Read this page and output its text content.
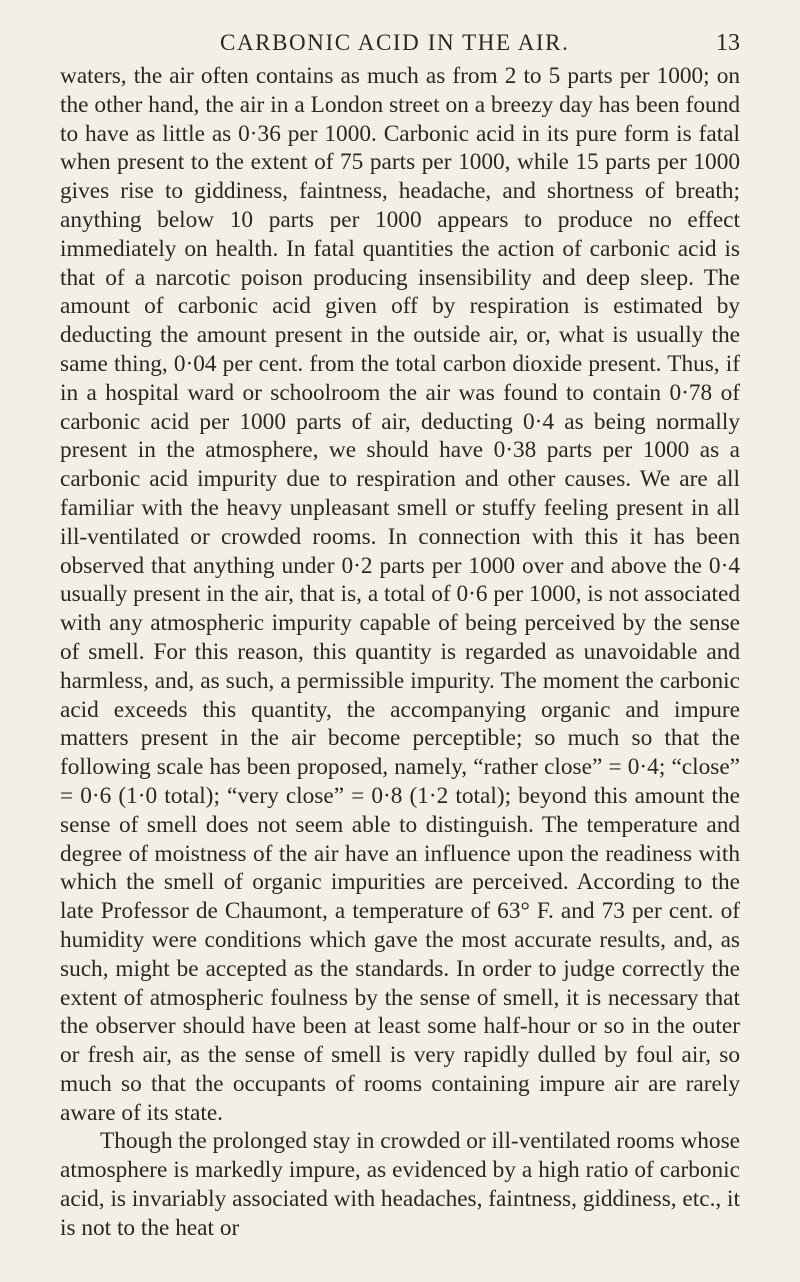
CARBONIC ACID IN THE AIR.	13

waters, the air often contains as much as from 2 to 5 parts per 1000; on the other hand, the air in a London street on a breezy day has been found to have as little as 0·36 per 1000. Carbonic acid in its pure form is fatal when present to the extent of 75 parts per 1000, while 15 parts per 1000 gives rise to giddiness, faintness, headache, and shortness of breath; anything below 10 parts per 1000 appears to produce no effect immediately on health. In fatal quantities the action of carbonic acid is that of a narcotic poison producing insensibility and deep sleep. The amount of carbonic acid given off by respiration is estimated by deducting the amount present in the outside air, or, what is usually the same thing, 0·04 per cent. from the total carbon dioxide present. Thus, if in a hospital ward or schoolroom the air was found to contain 0·78 of carbonic acid per 1000 parts of air, deducting 0·4 as being normally present in the atmosphere, we should have 0·38 parts per 1000 as a carbonic acid impurity due to respiration and other causes. We are all familiar with the heavy unpleasant smell or stuffy feeling present in all ill-ventilated or crowded rooms. In connection with this it has been observed that anything under 0·2 parts per 1000 over and above the 0·4 usually present in the air, that is, a total of 0·6 per 1000, is not associated with any atmospheric impurity capable of being perceived by the sense of smell. For this reason, this quantity is regarded as unavoidable and harmless, and, as such, a permissible impurity. The moment the carbonic acid exceeds this quantity, the accompanying organic and impure matters present in the air become perceptible; so much so that the following scale has been proposed, namely, “rather close” = 0·4; “close” = 0·6 (1·0 total); “very close” = 0·8 (1·2 total); beyond this amount the sense of smell does not seem able to distinguish. The temperature and degree of moistness of the air have an influence upon the readiness with which the smell of organic impurities are perceived. According to the late Professor de Chaumont, a temperature of 63° F. and 73 per cent. of humidity were conditions which gave the most accurate results, and, as such, might be accepted as the standards. In order to judge correctly the extent of atmospheric foulness by the sense of smell, it is necessary that the observer should have been at least some half-hour or so in the outer or fresh air, as the sense of smell is very rapidly dulled by foul air, so much so that the occupants of rooms containing impure air are rarely aware of its state.

Though the prolonged stay in crowded or ill-ventilated rooms whose atmosphere is markedly impure, as evidenced by a high ratio of carbonic acid, is invariably associated with headaches, faintness, giddiness, etc., it is not to the heat or
